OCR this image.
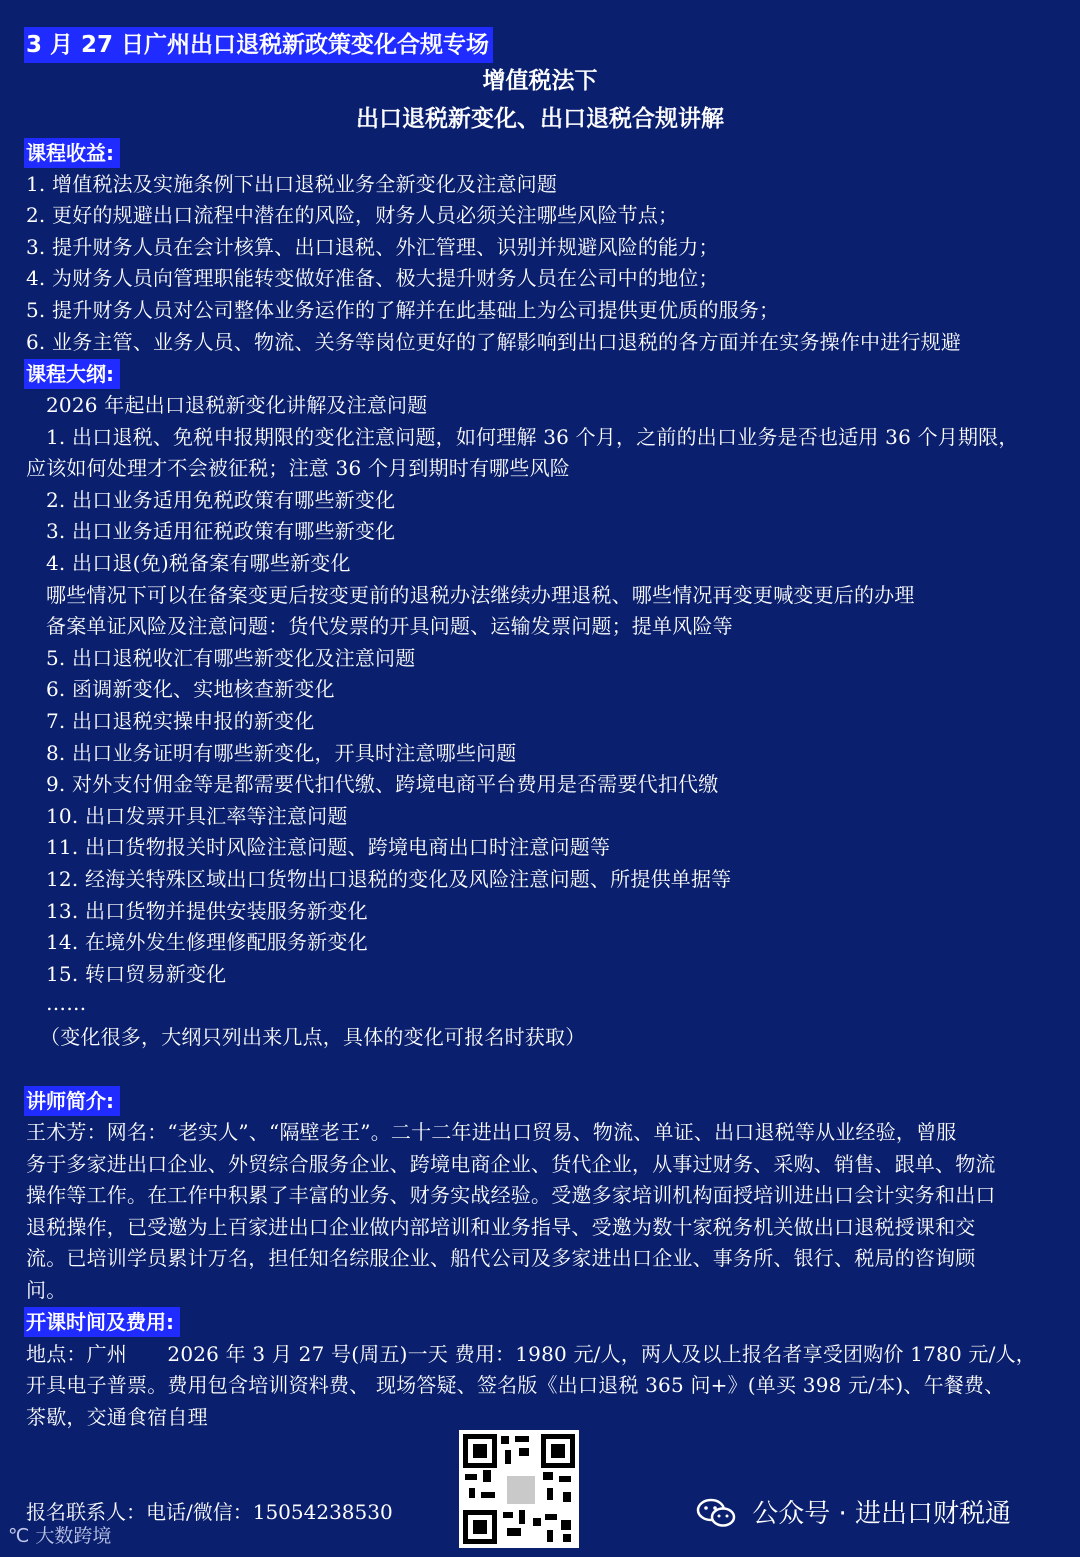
3 月 27 日广州出口退税新政策变化合规专场
增值税法下
出口退税新变化、出口退税合规讲解
课程收益:
1. 增值税法及实施条例下出口退税业务全新变化及注意问题
2. 更好的规避出口流程中潜在的风险，财务人员必须关注哪些风险节点；
3. 提升财务人员在会计核算、出口退税、外汇管理、识别并规避风险的能力；
4. 为财务人员向管理职能转变做好准备、极大提升财务人员在公司中的地位；
5. 提升财务人员对公司整体业务运作的了解并在此基础上为公司提供更优质的服务；
6. 业务主管、业务人员、物流、关务等岗位更好的了解影响到出口退税的各方面并在实务操作中进行规避
课程大纲:
2026 年起出口退税新变化讲解及注意问题
1. 出口退税、免税申报期限的变化注意问题，如何理解 36 个月，之前的出口业务是否也适用 36 个月期限，
应该如何处理才不会被征税；注意 36 个月到期时有哪些风险
2. 出口业务适用免税政策有哪些新变化
3. 出口业务适用征税政策有哪些新变化
4. 出口退(免)税备案有哪些新变化
哪些情况下可以在备案变更后按变更前的退税办法继续办理退税、哪些情况再变更喊变更后的办理
备案单证风险及注意问题：货代发票的开具问题、运输发票问题；提单风险等
5. 出口退税收汇有哪些新变化及注意问题
6. 函调新变化、实地核查新变化
7. 出口退税实操申报的新变化
8. 出口业务证明有哪些新变化，开具时注意哪些问题
9. 对外支付佣金等是都需要代扣代缴、跨境电商平台费用是否需要代扣代缴
10. 出口发票开具汇率等注意问题
11. 出口货物报关时风险注意问题、跨境电商出口时注意问题等
12. 经海关特殊区域出口货物出口退税的变化及风险注意问题、所提供单据等
13. 出口货物并提供安装服务新变化
14. 在境外发生修理修配服务新变化
15. 转口贸易新变化
……
（变化很多，大纲只列出来几点，具体的变化可报名时获取）
讲师简介:
王术芳：网名：“老实人”、“隔壁老王”。二十二年进出口贸易、物流、单证、出口退税等从业经验，曾服
务于多家进出口企业、外贸综合服务企业、跨境电商企业、货代企业，从事过财务、采购、销售、跟单、物流
操作等工作。在工作中积累了丰富的业务、财务实战经验。受邀多家培训机构面授培训进出口会计实务和出口
退税操作，已受邀为上百家进出口企业做内部培训和业务指导、受邀为数十家税务机关做出口退税授课和交
流。已培训学员累计万名，担任知名综服企业、船代公司及多家进出口企业、事务所、银行、税局的咨询顾
问。
开课时间及费用:
地点：广州　　2026 年 3 月 27 号(周五)一天 费用：1980 元/人，两人及以上报名者享受团购价 1780 元/人，
开具电子普票。费用包含培训资料费、 现场答疑、签名版《出口退税 365 问+》(单买 398 元/本)、午餐费、
茶歇，交通食宿自理
报名联系人：电话/微信：15054238530
℃ 大数跨境
公众号 · 进出口财税通
